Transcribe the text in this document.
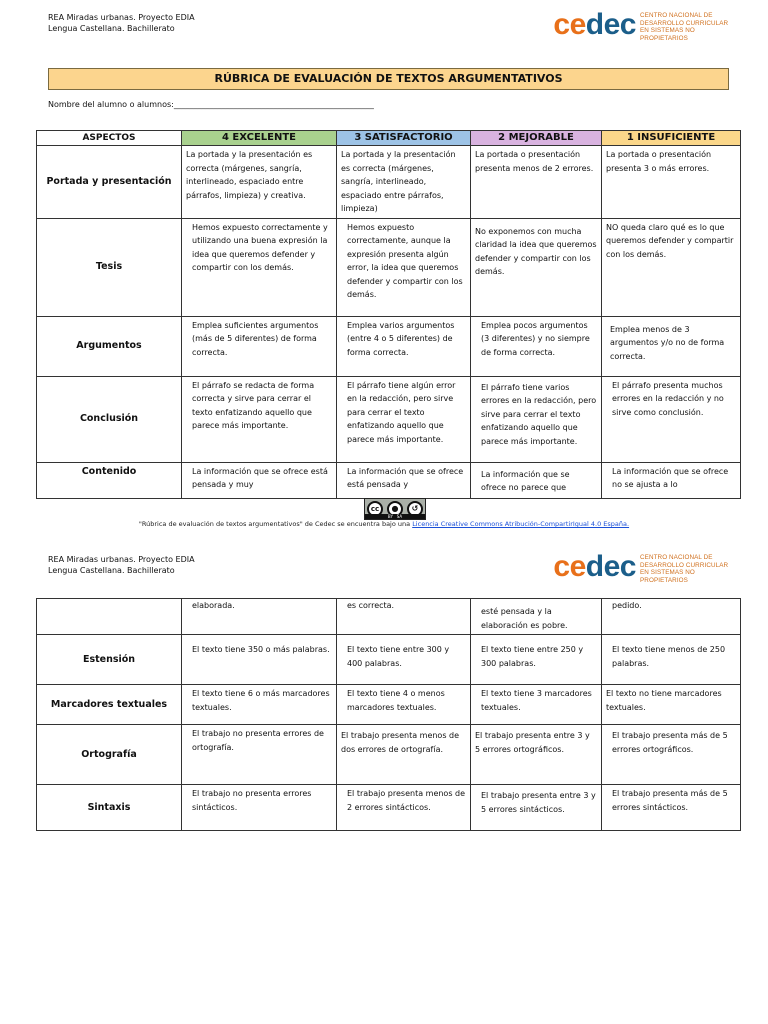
REA Miradas urbanas. Proyecto EDIA
Lengua Castellana. Bachillerato	cedec CENTRO NACIONAL DE
DESARROLLO CURRICULAR
EN SISTEMAS NO PROPIETARIOS
RÚBRICA DE EVALUACIÓN DE TEXTOS ARGUMENTATIVOS
Nombre del alumno o alumnos:__________________________________________________
ASPECTOS	4 EXCELENTE	3 SATISFACTORIO	2 MEJORABLE	1 INSUFICIENTE
Portada y presentación	La portada y la presentación es correcta (márgenes, sangría, interlineado, espaciado entre párrafos, limpieza) y creativa.	La portada y la presentación es correcta (márgenes, sangría, interlineado, espaciado entre párrafos, limpieza)	La portada o presentación presenta menos de 2 errores.	La portada o presentación presenta 3 o más errores.
Tesis	Hemos expuesto correctamente y utilizando una buena expresión la idea que queremos defender y compartir con los demás.	Hemos expuesto correctamente, aunque la expresión presenta algún error, la idea que queremos defender y compartir con los demás.	No exponemos con mucha claridad la idea que queremos defender y compartir con los demás.	NO queda claro qué es lo que queremos defender y compartir con los demás.
Argumentos	Emplea suficientes argumentos (más de 5 diferentes) de forma correcta.	Emplea varios argumentos (entre 4 o 5 diferentes) de forma correcta.	Emplea pocos argumentos (3 diferentes) y no siempre de forma correcta.	Emplea menos de 3 argumentos y/o no de forma correcta.
Conclusión	El párrafo se redacta de forma correcta y sirve para cerrar el texto enfatizando aquello que parece más importante.	El párrafo tiene algún error en la redacción, pero sirve para cerrar el texto enfatizando aquello que parece más importante.	El párrafo tiene varios errores en la redacción, pero sirve para cerrar el texto enfatizando aquello que parece más importante.	El párrafo presenta muchos errores en la redacción y no sirve como conclusión.
Contenido	La información que se ofrece está pensada y muy	La información que se ofrece está pensada y	La información que se ofrece no parece que	La información que se ofrece no se ajusta a lo
cc	●	↺
BY SA
"Rúbrica de evaluación de textos argumentativos" de Cedec se encuentra bajo una Licencia Creative Commons Atribución-CompartirIgual 4.0 España.
REA Miradas urbanas. Proyecto EDIA
Lengua Castellana. Bachillerato	cedec CENTRO NACIONAL DE
DESARROLLO CURRICULAR
EN SISTEMAS NO PROPIETARIOS
	elaborada.	es correcta.	esté pensada y la elaboración es pobre.	pedido.
Estensión	El texto tiene 350 o más palabras.	El texto tiene entre 300 y 400 palabras.	El texto tiene entre 250 y 300 palabras.	El texto tiene menos de 250 palabras.
Marcadores textuales	El texto tiene 6 o más marcadores textuales.	El texto tiene 4 o menos marcadores textuales.	El texto tiene 3 marcadores textuales.	El texto no tiene marcadores textuales.
Ortografía	El trabajo no presenta errores de ortografía.	El trabajo presenta menos de dos errores de ortografía.	El trabajo presenta entre 3 y 5 errores ortográficos.	El trabajo presenta más de 5 errores ortográficos.
Sintaxis	El trabajo no presenta errores sintácticos.	El trabajo presenta menos de 2 errores sintácticos.	El trabajo presenta entre 3 y 5 errores sintácticos.	El trabajo presenta más de 5 errores sintácticos.
